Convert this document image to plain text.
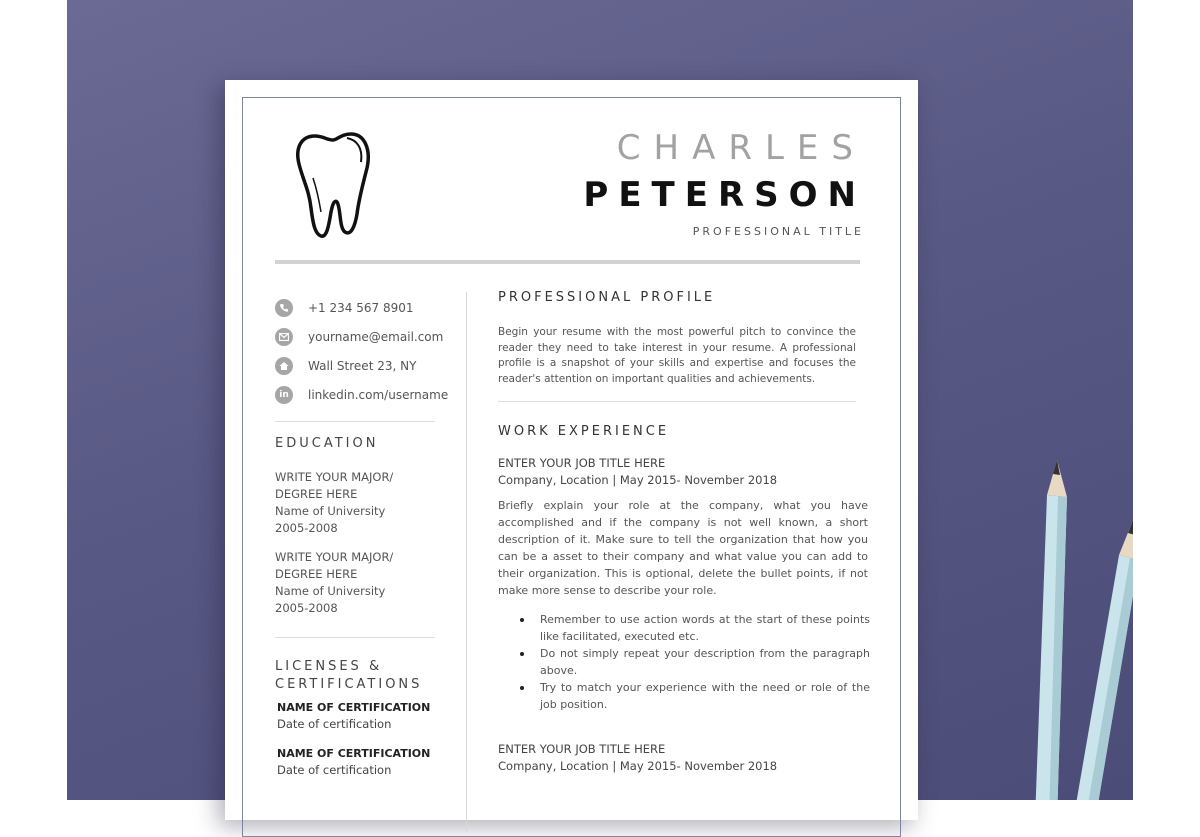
CHARLES
PETERSON
PROFESSIONAL TITLE
+1 234 567 8901
yourname@email.com
Wall Street 23, NY
in linkedin.com/username
EDUCATION
WRITE YOUR MAJOR/
DEGREE HERE
Name of University
2005-2008
WRITE YOUR MAJOR/
DEGREE HERE
Name of University
2005-2008
LICENSES &
CERTIFICATIONS
NAME OF CERTIFICATION
Date of certification
NAME OF CERTIFICATION
Date of certification
PROFESSIONAL PROFILE
Begin your resume with the most powerful pitch to convince the reader they need to take interest in your resume. A professional profile is a snapshot of your skills and expertise and focuses the reader's attention on important qualities and achievements.
WORK EXPERIENCE
ENTER YOUR JOB TITLE HERE
Company, Location | May 2015- November 2018
Briefly explain your role at the company, what you have accomplished and if the company is not well known, a short description of it. Make sure to tell the organization that how you can be a asset to their company and what value you can add to their organization. This is optional, delete the bullet points, if not make more sense to describe your role.
Remember to use action words at the start of these points like facilitated, executed etc.
Do not simply repeat your description from the paragraph above.
Try to match your experience with the need or role of the job position.
ENTER YOUR JOB TITLE HERE
Company, Location | May 2015- November 2018
